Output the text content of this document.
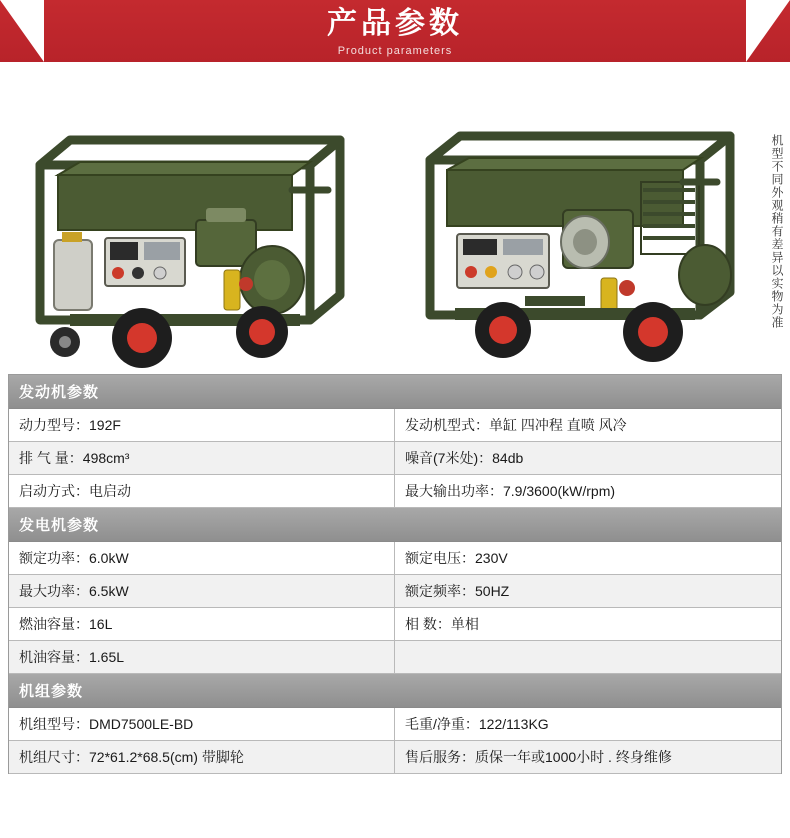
产品参数
Product parameters
机型不同外观稍有差异以实物为准
发动机参数
动力型号：192F	发动机型式：单缸 四冲程 直喷 风冷
排 气 量：498cm³	噪音(7米处)：84db
启动方式：电启动	最大输出功率：7.9/3600(kW/rpm)
发电机参数
额定功率：6.0kW	额定电压：230V
最大功率：6.5kW	额定频率：50HZ
燃油容量：16L	相 数：单相
机油容量：1.65L
机组参数
机组型号：DMD7500LE-BD	毛重/净重：122/113KG
机组尺寸：72*61.2*68.5(cm) 带脚轮	售后服务：质保一年或1000小时 . 终身维修
